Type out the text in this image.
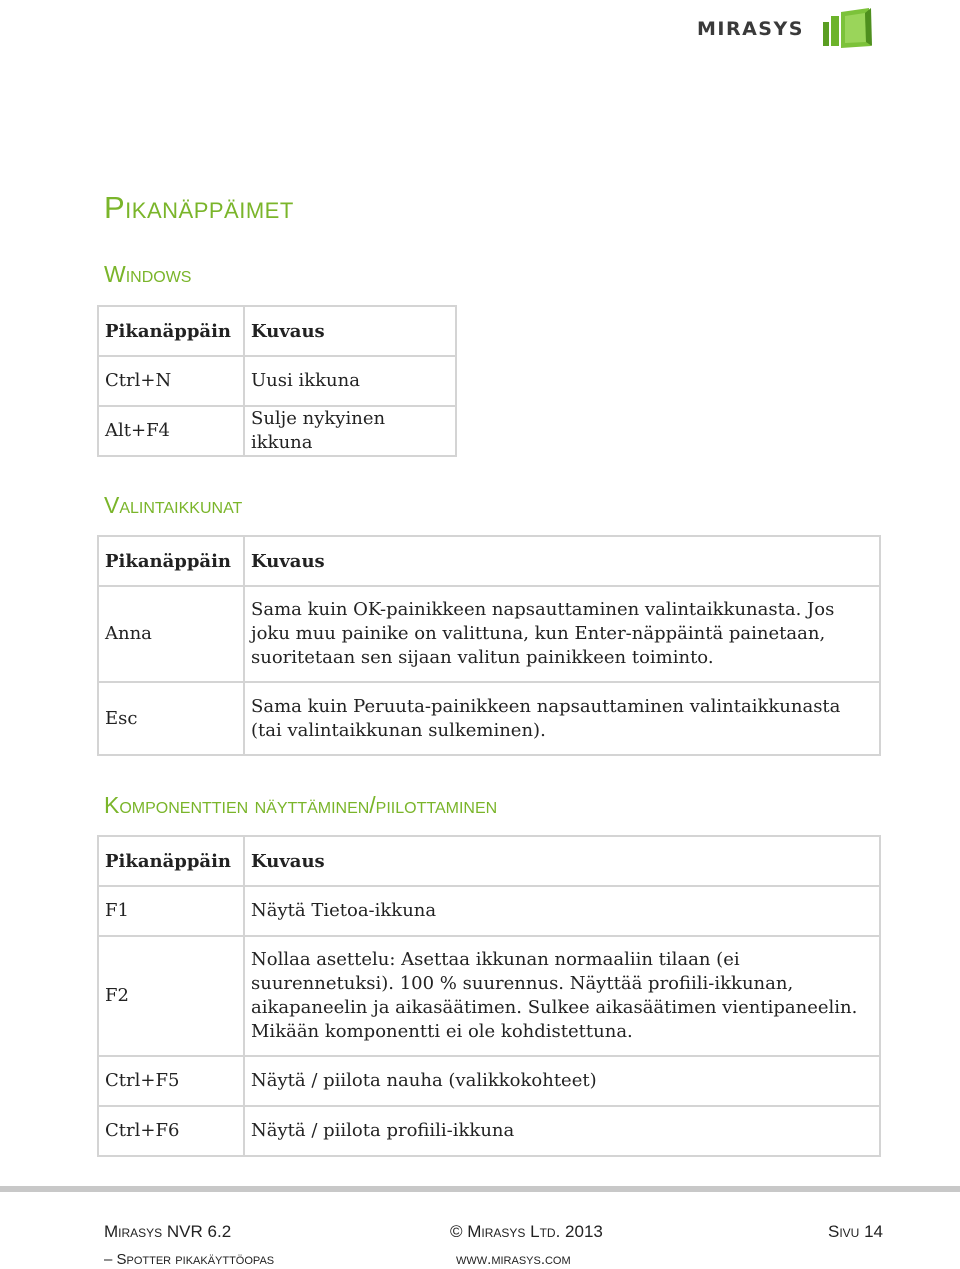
MIRASYS
Pikanäppäimet
Windows
Pikanäppäin	Kuvaus
Ctrl+N	Uusi ikkuna
Alt+F4	Sulje nykyinen ikkuna
Valintaikkunat
Pikanäppäin	Kuvaus
Anna	Sama kuin OK-painikkeen napsauttaminen valintaikkunasta. Jos joku muu painike on valittuna, kun Enter-näppäintä painetaan, suoritetaan sen sijaan valitun painikkeen toiminto.
Esc	Sama kuin Peruuta-painikkeen napsauttaminen valintaikkunasta (tai valintaikkunan sulkeminen).
Komponenttien näyttäminen/piilottaminen
Pikanäppäin	Kuvaus
F1	Näytä Tietoa-ikkuna
F2	Nollaa asettelu: Asettaa ikkunan normaaliin tilaan (ei suurennetuksi). 100 % suurennus. Näyttää profiili-ikkunan, aikapaneelin ja aikasäätimen. Sulkee aikasäätimen vientipaneelin. Mikään komponentti ei ole kohdistettuna.
Ctrl+F5	Näytä / piilota nauha (valikkokohteet)
Ctrl+F6	Näytä / piilota profiili-ikkuna
Mirasys NVR 6.2	© Mirasys Ltd. 2013	Sivu 14
– Spotter pikakäyttöopas	www.mirasys.com
